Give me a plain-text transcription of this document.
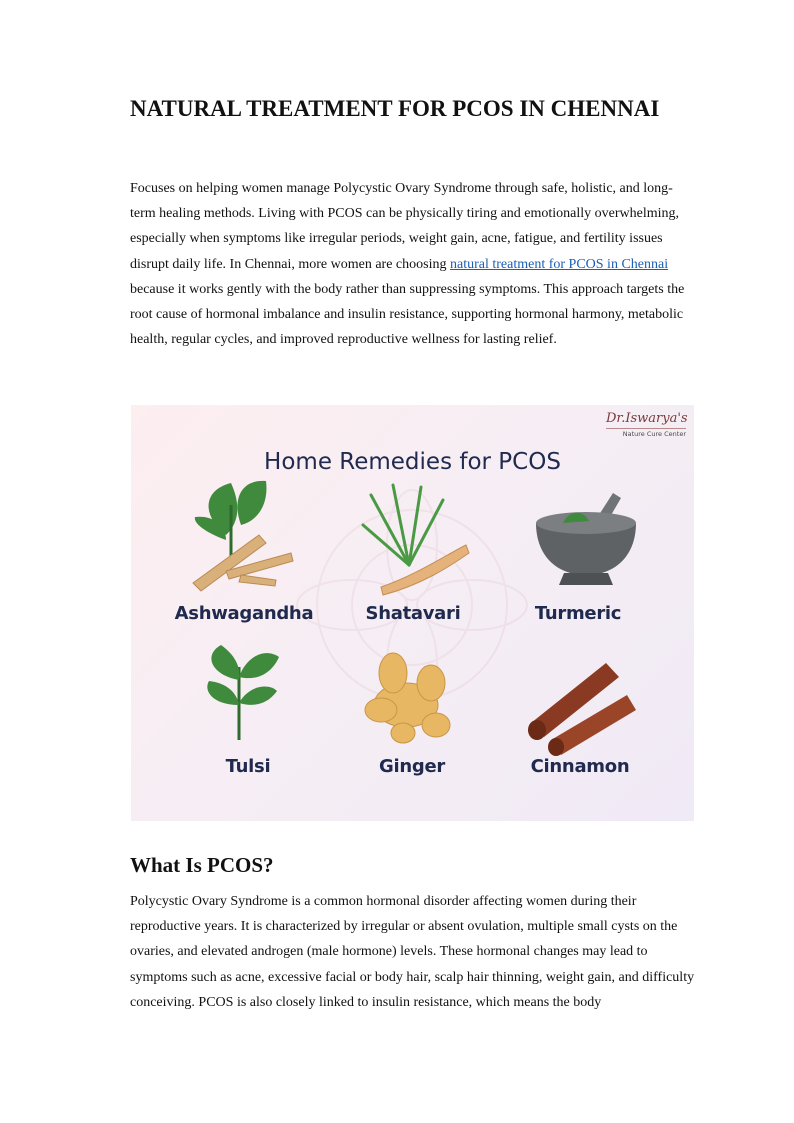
NATURAL TREATMENT FOR PCOS IN CHENNAI

Focuses on helping women manage Polycystic Ovary Syndrome through safe, holistic, and long-term healing methods. Living with PCOS can be physically tiring and emotionally overwhelming, especially when symptoms like irregular periods, weight gain, acne, fatigue, and fertility issues disrupt daily life. In Chennai, more women are choosing natural treatment for PCOS in Chennai because it works gently with the body rather than suppressing symptoms. This approach targets the root cause of hormonal imbalance and insulin resistance, supporting hormonal harmony, metabolic health, regular cycles, and improved reproductive wellness for lasting relief.

Dr.Iswarya's
Nature Cure Center
Home Remedies for PCOS
Ashwagandha	Shatavari	Turmeric
Tulsi	Ginger	Cinnamon
What Is PCOS?

Polycystic Ovary Syndrome is a common hormonal disorder affecting women during their reproductive years. It is characterized by irregular or absent ovulation, multiple small cysts on the ovaries, and elevated androgen (male hormone) levels. These hormonal changes may lead to symptoms such as acne, excessive facial or body hair, scalp hair thinning, weight gain, and difficulty conceiving. PCOS is also closely linked to insulin resistance, which means the body
